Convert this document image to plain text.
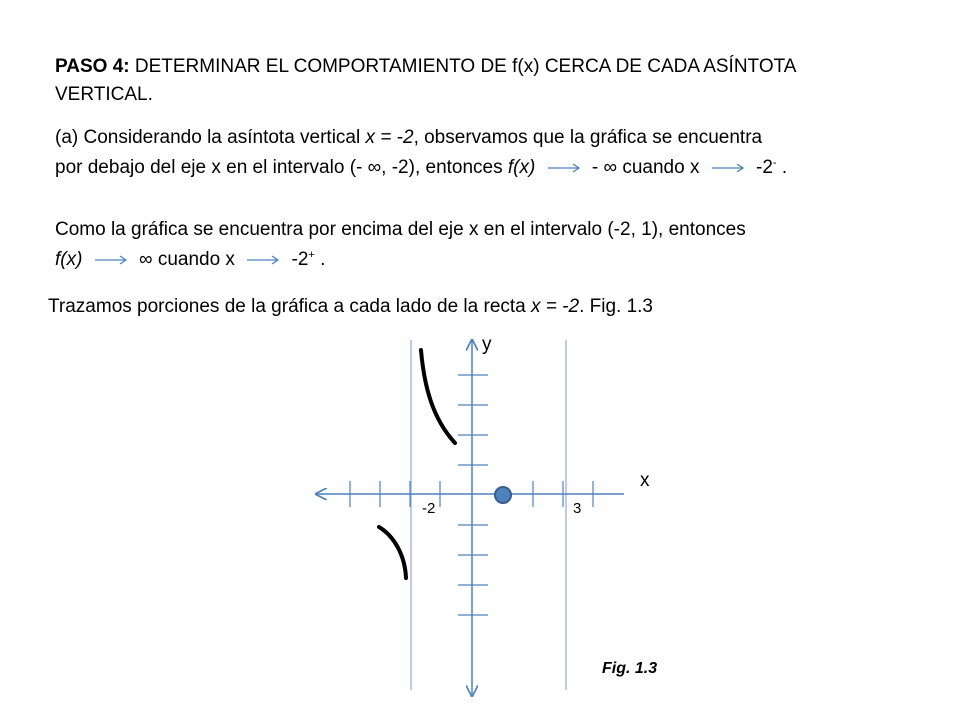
PASO 4: DETERMINAR EL COMPORTAMIENTO DE f(x) CERCA DE CADA ASÍNTOTA
VERTICAL.
(a) Considerando la asíntota vertical x = -2, observamos que la gráfica se encuentra
por debajo del eje x en el intervalo (- ∞, -2), entonces f(x)	- ∞ cuando x	-2- .
Como la gráfica se encuentra por encima del eje x en el intervalo (-2, 1), entonces
f(x)	∞ cuando x	-2+ .
Trazamos porciones de la gráfica a cada lado de la recta x = -2. Fig. 1.3
y
x
-2	3
Fig. 1.3
